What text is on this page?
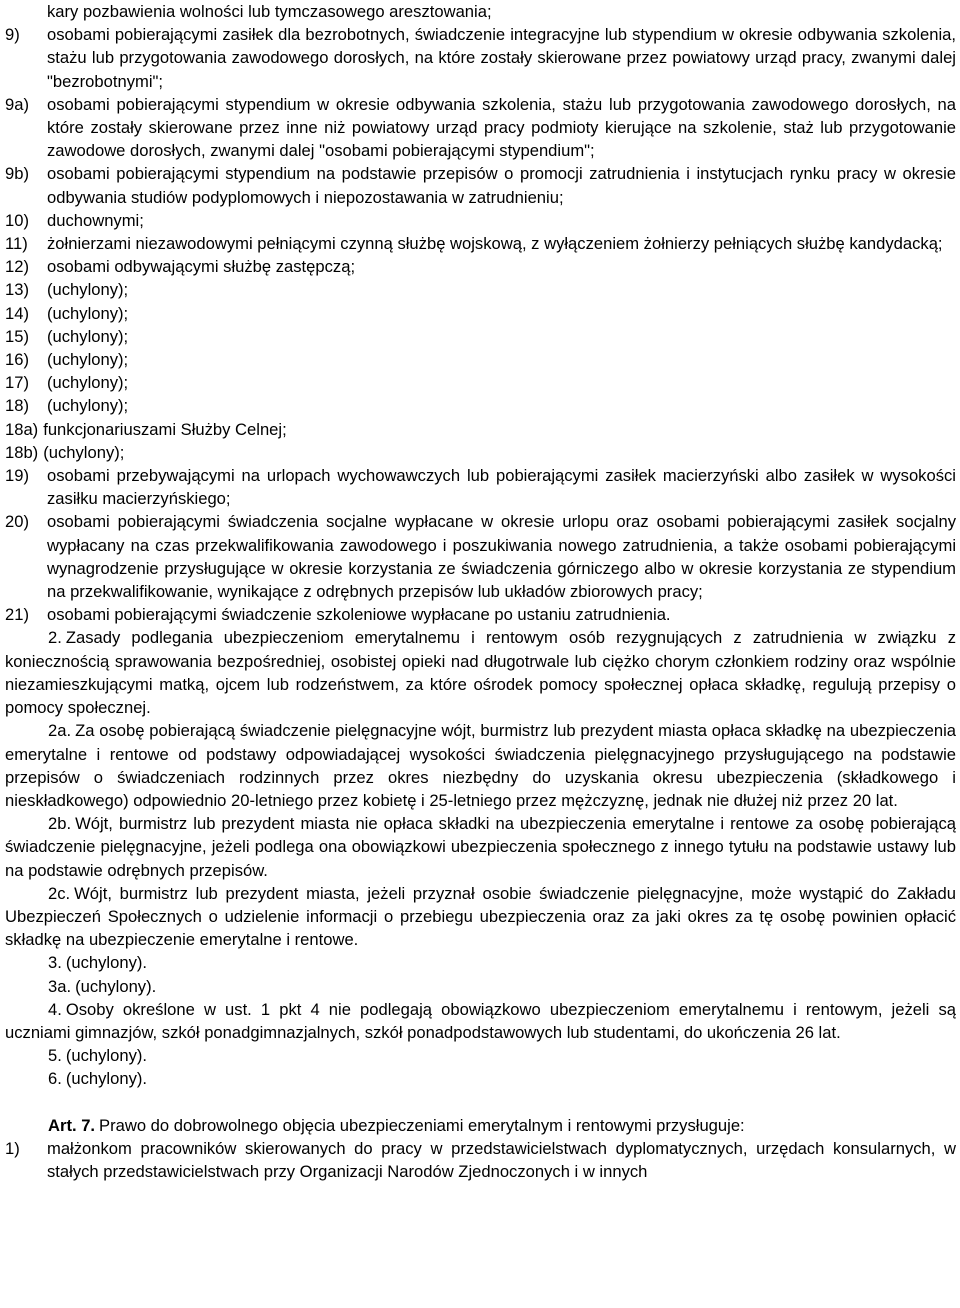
kary pozbawienia wolności lub tymczasowego aresztowania;
9)	osobami pobierającymi zasiłek dla bezrobotnych, świadczenie integracyjne lub stypendium w okresie odbywania szkolenia, stażu lub przygotowania zawodowego dorosłych, na które zostały skierowane przez powiatowy urząd pracy, zwanymi dalej "bezrobotnymi";
9a)	osobami pobierającymi stypendium w okresie odbywania szkolenia, stażu lub przygotowania zawodowego dorosłych, na które zostały skierowane przez inne niż powiatowy urząd pracy podmioty kierujące na szkolenie, staż lub przygotowanie zawodowe dorosłych, zwanymi dalej "osobami pobierającymi stypendium";
9b)	osobami pobierającymi stypendium na podstawie przepisów o promocji zatrudnienia i instytucjach rynku pracy w okresie odbywania studiów podyplomowych i niepozostawania w zatrudnieniu;
10)	duchownymi;
11)	żołnierzami niezawodowymi pełniącymi czynną służbę wojskową, z wyłączeniem żołnierzy pełniących służbę kandydacką;
12)	osobami odbywającymi służbę zastępczą;
13)	(uchylony);
14)	(uchylony);
15)	(uchylony);
16)	(uchylony);
17)	(uchylony);
18)	(uchylony);
18a) funkcjonariuszami Służby Celnej;
18b) (uchylony);
19)	osobami przebywającymi na urlopach wychowawczych lub pobierającymi zasiłek macierzyński albo zasiłek w wysokości zasiłku macierzyńskiego;
20)	osobami pobierającymi świadczenia socjalne wypłacane w okresie urlopu oraz osobami pobierającymi zasiłek socjalny wypłacany na czas przekwalifikowania zawodowego i poszukiwania nowego zatrudnienia, a także osobami pobierającymi wynagrodzenie przysługujące w okresie korzystania ze świadczenia górniczego albo w okresie korzystania ze stypendium na przekwalifikowanie, wynikające z odrębnych przepisów lub układów zbiorowych pracy;
21)	osobami pobierającymi świadczenie szkoleniowe wypłacane po ustaniu zatrudnienia.

2. Zasady podlegania ubezpieczeniom emerytalnemu i rentowym osób rezygnujących z zatrudnienia w związku z koniecznością sprawowania bezpośredniej, osobistej opieki nad długotrwale lub ciężko chorym członkiem rodziny oraz wspólnie niezamieszkującymi matką, ojcem lub rodzeństwem, za które ośrodek pomocy społecznej opłaca składkę, regulują przepisy o pomocy społecznej.

2a. Za osobę pobierającą świadczenie pielęgnacyjne wójt, burmistrz lub prezydent miasta opłaca składkę na ubezpieczenia emerytalne i rentowe od podstawy odpowiadającej wysokości świadczenia pielęgnacyjnego przysługującego na podstawie przepisów o świadczeniach rodzinnych przez okres niezbędny do uzyskania okresu ubezpieczenia (składkowego i nieskładkowego) odpowiednio 20-letniego przez kobietę i 25-letniego przez mężczyznę, jednak nie dłużej niż przez 20 lat.

2b. Wójt, burmistrz lub prezydent miasta nie opłaca składki na ubezpieczenia emerytalne i rentowe za osobę pobierającą świadczenie pielęgnacyjne, jeżeli podlega ona obowiązkowi ubezpieczenia społecznego z innego tytułu na podstawie ustawy lub na podstawie odrębnych przepisów.

2c. Wójt, burmistrz lub prezydent miasta, jeżeli przyznał osobie świadczenie pielęgnacyjne, może wystąpić do Zakładu Ubezpieczeń Społecznych o udzielenie informacji o przebiegu ubezpieczenia oraz za jaki okres za tę osobę powinien opłacić składkę na ubezpieczenie emerytalne i rentowe.

3. (uchylony).

3a. (uchylony).

4. Osoby określone w ust. 1 pkt 4 nie podlegają obowiązkowo ubezpieczeniom emerytalnemu i rentowym, jeżeli są uczniami gimnazjów, szkół ponadgimnazjalnych, szkół ponadpodstawowych lub studentami, do ukończenia 26 lat.

5. (uchylony).

6. (uchylony).

Art. 7. Prawo do dobrowolnego objęcia ubezpieczeniami emerytalnym i rentowymi przysługuje:
1)	małżonkom pracowników skierowanych do pracy w przedstawicielstwach dyplomatycznych, urzędach konsularnych, w stałych przedstawicielstwach przy Organizacji Narodów Zjednoczonych i w innych
